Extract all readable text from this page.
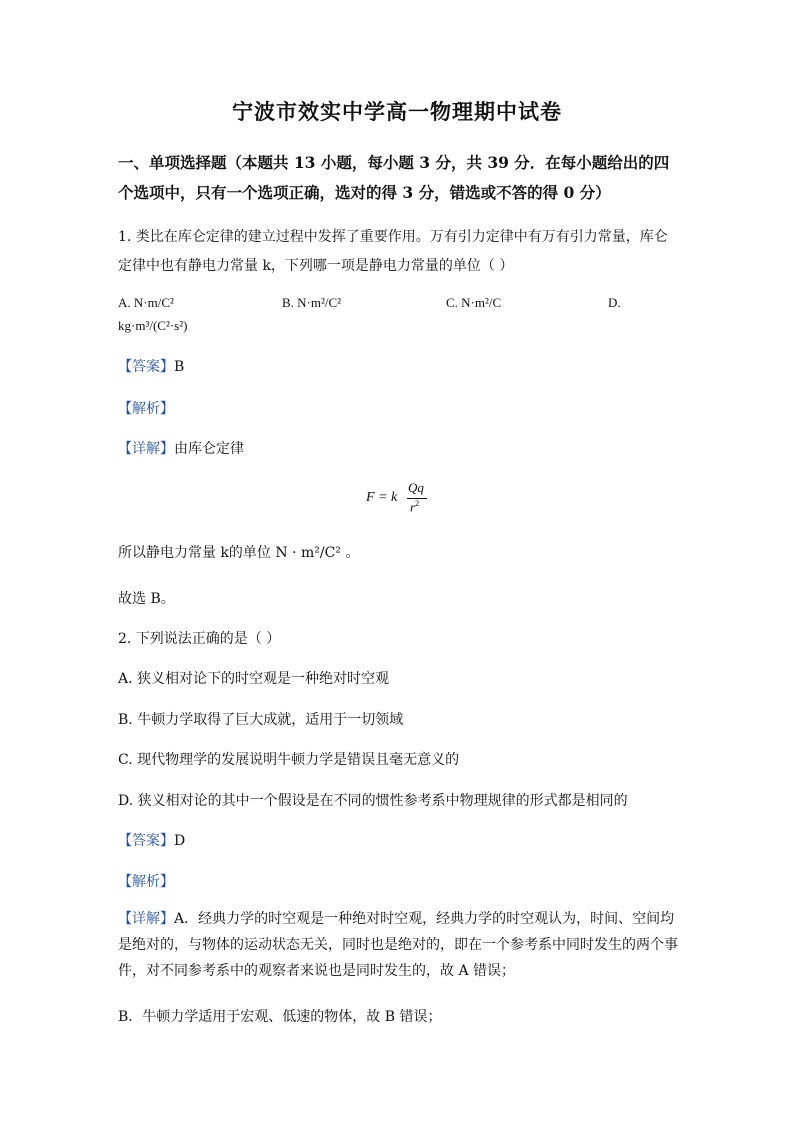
宁波市效实中学高一物理期中试卷
一、单项选择题（本题共 13 小题，每小题 3 分，共 39 分．在每小题给出的四个选项中，只有一个选项正确，选对的得 3 分，错选或不答的得 0 分）
1. 类比在库仑定律的建立过程中发挥了重要作用。万有引力定律中有万有引力常量，库仑
定律中也有静电力常量 k，下列哪一项是静电力常量的单位（ ）
A. N·m/C²	B. N·m²/C²	C. N·m²/C	D.
kg·m³/(C²·s²)
【答案】B
【解析】
【详解】由库仑定律
F = k
Qq
$r^2$
所以静电力常量 k的单位 N · m²/C² 。
故选 B。
2. 下列说法正确的是（ ）
A. 狭义相对论下的时空观是一种绝对时空观
B. 牛顿力学取得了巨大成就，适用于一切领域
C. 现代物理学的发展说明牛顿力学是错误且毫无意义的
D. 狭义相对论的其中一个假设是在不同的惯性参考系中物理规律的形式都是相同的
【答案】D
【解析】
【详解】A．经典力学的时空观是一种绝对时空观，经典力学的时空观认为，时间、空间均是绝对的，与物体的运动状态无关，同时也是绝对的，即在一个参考系中同时发生的两个事件，对不同参考系中的观察者来说也是同时发生的，故 A 错误；
B．牛顿力学适用于宏观、低速的物体，故 B 错误；
